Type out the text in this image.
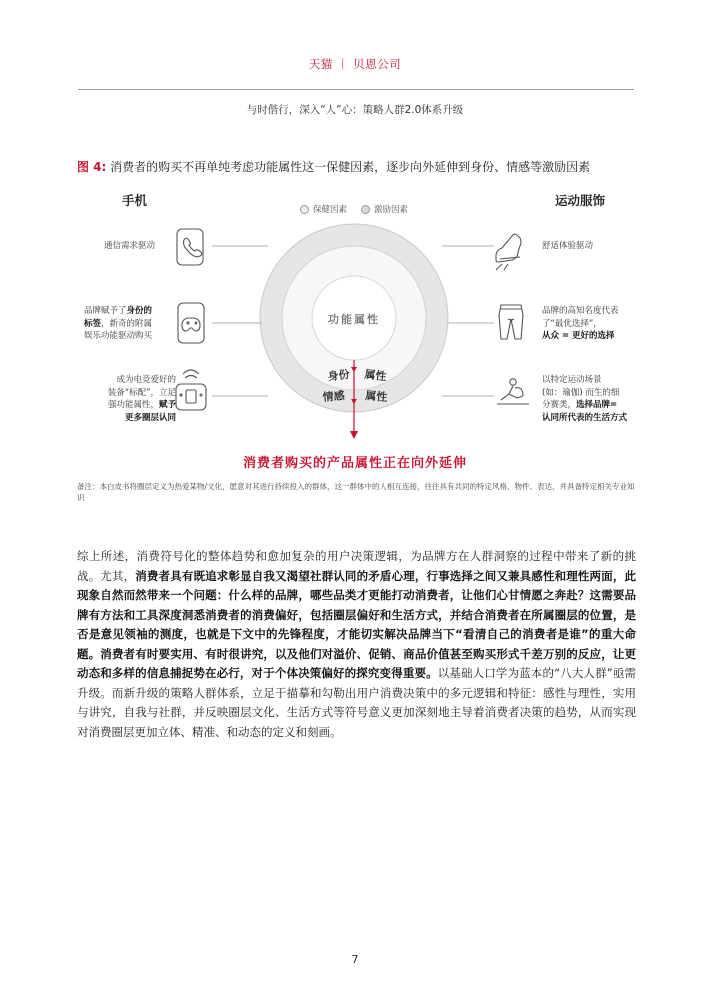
天猫 ｜ 贝恩公司
与时偕行，深入“人”心：策略人群2.0体系升级
图 4: 消费者的购买不再单纯考虑功能属性这一保健因素，逐步向外延伸到身份、情感等激励因素
手机	运动服饰
保健因素	激励因素
功能属性
身份 属性
情感 属性
通信需求驱动
品牌赋予了身份的
标签，新奇的附属
娱乐功能驱动购买
成为电竞爱好的
装备“标配”，立足
强功能属性，赋予
更多圈层认同
舒适体验驱动
品牌的高知名度代表
了“最优选择”，
从众 = 更好的选择
以特定运动场景
(如：瑜伽) 而生的细
分赛类，选择品牌=
认同所代表的生活方式
消费者购买的产品属性正在向外延伸
备注：本白皮书将圈层定义为热爱某物/文化，愿意对其进行持续投入的群体，这一群体中的人相互连接，往往具有共同的特定风格、物件、表达，并具备特定相关专业知识
综上所述，消费符号化的整体趋势和愈加复杂的用户决策逻辑，为品牌方在人群洞察的过程中带来了新的挑战。尤其，消费者具有既追求彰显自我又渴望社群认同的矛盾心理，行事选择之间又兼具感性和理性两面，此现象自然而然带来一个问题：什么样的品牌，哪些品类才更能打动消费者，让他们心甘情愿之奔赴？这需要品牌有方法和工具深度洞悉消费者的消费偏好，包括圈层偏好和生活方式，并结合消费者在所属圈层的位置，是否是意见领袖的测度，也就是下文中的先锋程度，才能切实解决品牌当下“看清自己的消费者是谁”的重大命题。消费者有时要实用、有时很讲究，以及他们对溢价、促销、商品价值甚至购买形式千差万别的反应，让更动态和多样的信息捕捉势在必行，对于个体决策偏好的探究变得重要。以基础人口学为蓝本的“八大人群”亟需升级。而新升级的策略人群体系，立足于描摹和勾勒出用户消费决策中的多元逻辑和特征：感性与理性，实用与讲究，自我与社群，并反映圈层文化、生活方式等符号意义更加深刻地主导着消费者决策的趋势，从而实现对消费圈层更加立体、精准、和动态的定义和刻画。
7
